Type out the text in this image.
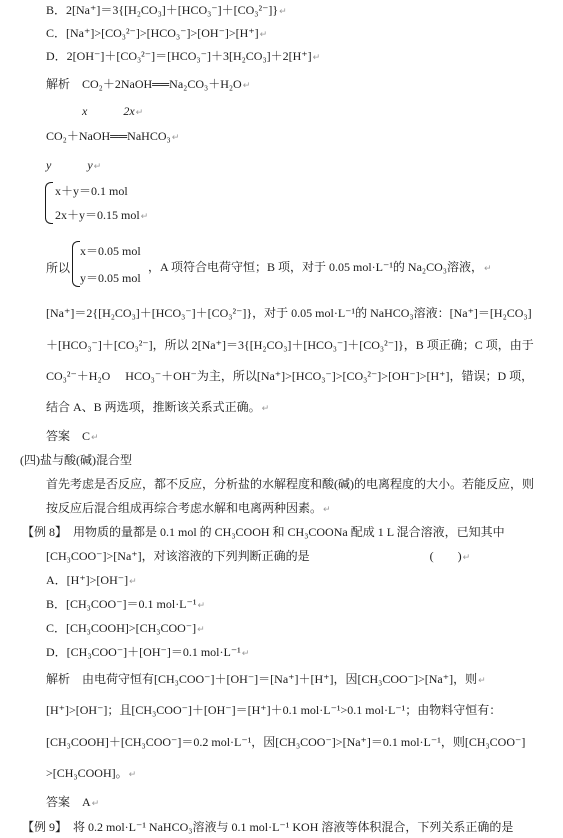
B．2[Na⁺]＝3{[H₂CO₃]＋[HCO₃⁻]＋[CO₃²⁻]}↵
C．[Na⁺]>[CO₃²⁻]>[HCO₃⁻]>[OH⁻]>[H⁺]↵
D．2[OH⁻]＋[CO₃²⁻]＝[HCO₃⁻]＋3[H₂CO₃]＋2[H⁺]↵
解析　CO₂＋2NaOH══Na₂CO₃＋H₂O↵
x　　　2x↵
CO₂＋NaOH══NaHCO₃↵
y　　　y↵
x＋y＝0.1 mol
2x＋y＝0.15 mol↵
所以
x＝0.05 mol
，A 项符合电荷守恒；B 项，对于 0.05 mol·L⁻¹的 Na₂CO₃溶液，↵
y＝0.05 mol
[Na⁺]＝2{[H₂CO₃]＋[HCO₃⁻]＋[CO₃²⁻]}，对于 0.05 mol·L⁻¹的 NaHCO₃溶液：[Na⁺]＝[H₂CO₃]
＋[HCO₃⁻]＋[CO₃²⁻]，所以 2[Na⁺]＝3{[H₂CO₃]＋[HCO₃⁻]＋[CO₃²⁻]}，B 项正确；C 项，由于
CO₃²⁻＋H₂O　 HCO₃⁻＋OH⁻为主，所以[Na⁺]>[HCO₃⁻]>[CO₃²⁻]>[OH⁻]>[H⁺]，错误；D 项，
结合 A、B 两选项，推断该关系式正确。↵
答案　C↵
(四)盐与酸(碱)混合型
首先考虑是否反应，都不反应，分析盐的水解程度和酸(碱)的电离程度的大小。若能反应，则
按反应后混合组成再综合考虑水解和电离两种因素。↵
【例 8】　用物质的量都是 0.1 mol 的 CH₃COOH 和 CH₃COONa 配成 1 L 混合溶液，已知其中
[CH₃COO⁻]>[Na⁺]，对该溶液的下列判断正确的是　　　　　　　　　　(　　)↵
A．[H⁺]>[OH⁻]↵
B．[CH₃COO⁻]＝0.1 mol·L⁻¹↵
C．[CH₃COOH]>[CH₃COO⁻]↵
D．[CH₃COO⁻]＋[OH⁻]＝0.1 mol·L⁻¹↵
解析　由电荷守恒有[CH₃COO⁻]＋[OH⁻]＝[Na⁺]＋[H⁺]，因[CH₃COO⁻]>[Na⁺]，则↵
[H⁺]>[OH⁻]；且[CH₃COO⁻]＋[OH⁻]＝[H⁺]＋0.1 mol·L⁻¹>0.1 mol·L⁻¹；由物料守恒有：
[CH₃COOH]＋[CH₃COO⁻]＝0.2 mol·L⁻¹，因[CH₃COO⁻]>[Na⁺]＝0.1 mol·L⁻¹，则[CH₃COO⁻]
>[CH₃COOH]。↵
答案　A↵
【例 9】　将 0.2 mol·L⁻¹ NaHCO₃溶液与 0.1 mol·L⁻¹ KOH 溶液等体积混合，下列关系正确的是
